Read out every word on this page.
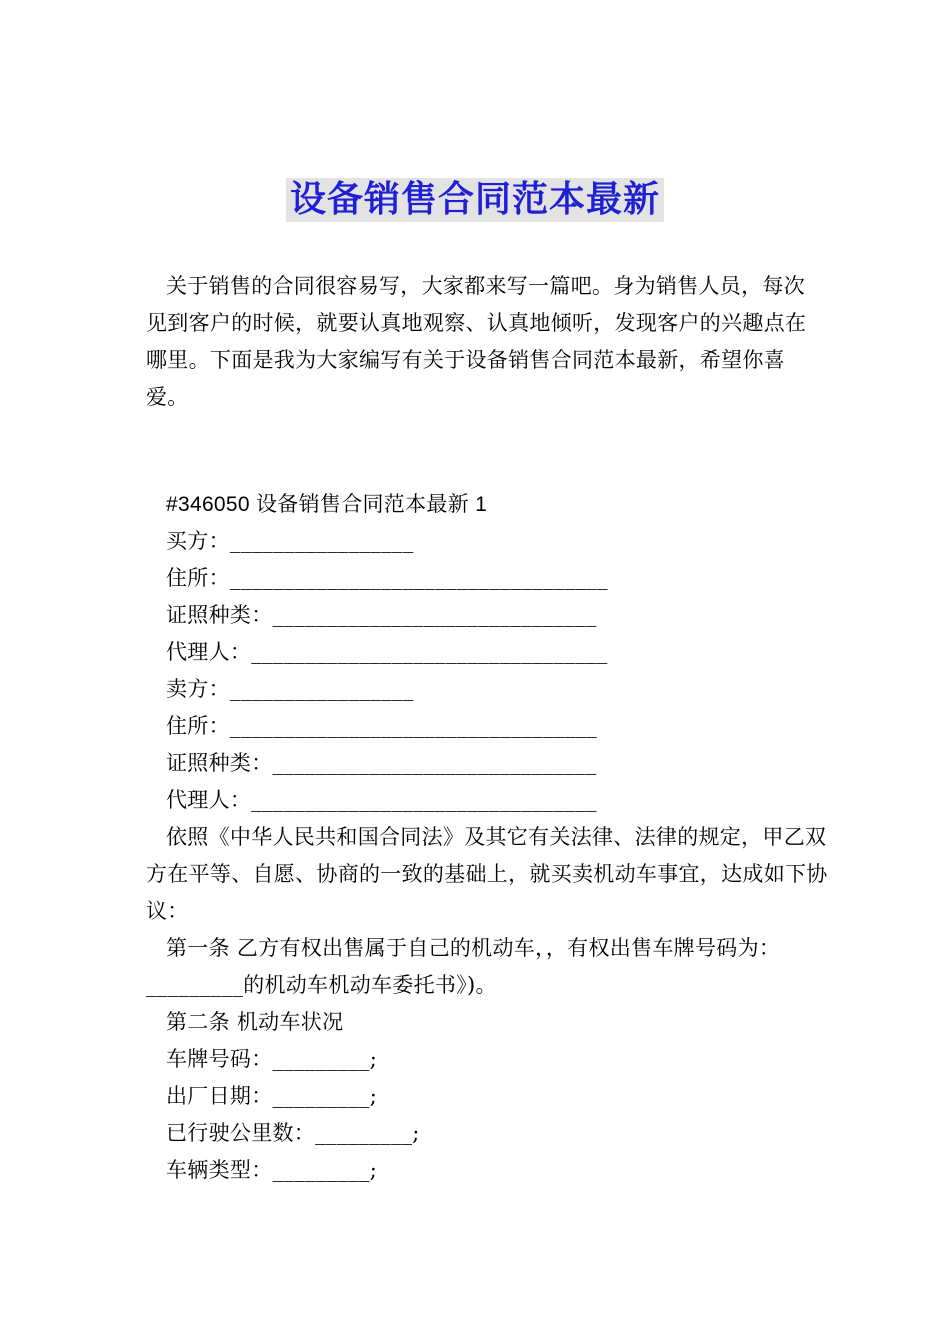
设备销售合同范本最新
关于销售的合同很容易写，大家都来写一篇吧。身为销售人员，每次见到客户的时候，就要认真地观察、认真地倾听，发现客户的兴趣点在哪里。下面是我为大家编写有关于设备销售合同范本最新，希望你喜爱。
#346050 设备销售合同范本最新 1
买方：_________________
住所：___________________________________
证照种类：______________________________
代理人：_________________________________
卖方：_________________
住所：__________________________________
证照种类：______________________________
代理人：________________________________
依照《中华人民共和国合同法》及其它有关法律、法律的规定，甲乙双方在平等、自愿、协商的一致的基础上，就买卖机动车事宜，达成如下协议：
第一条 乙方有权出售属于自己的机动车，，有权出售车牌号码为：_________的机动车机动车委托书》)。
第二条 机动车状况
车牌号码：_________;
出厂日期：_________;
已行驶公里数：_________;
车辆类型：_________;
